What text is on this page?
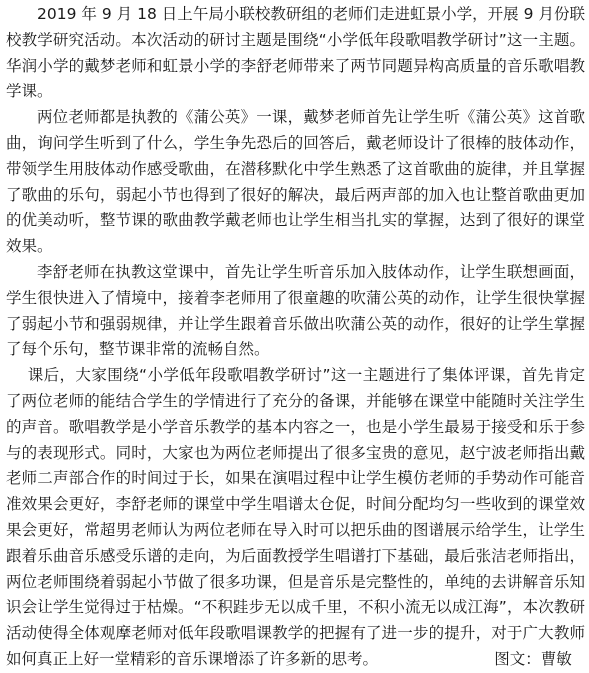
2019 年 9 月 18 日上午局小联校教研组的老师们走进虹景小学，开展 9 月份联校教学研究活动。本次活动的研讨主题是围绕“小学低年段歌唱教学研讨”这一主题。华润小学的戴梦老师和虹景小学的李舒老师带来了两节同题异构高质量的音乐歌唱教学课。

两位老师都是执教的《蒲公英》一课，戴梦老师首先让学生听《蒲公英》这首歌曲，询问学生听到了什么，学生争先恐后的回答后，戴老师设计了很棒的肢体动作，带领学生用肢体动作感受歌曲，在潜移默化中学生熟悉了这首歌曲的旋律，并且掌握了歌曲的乐句，弱起小节也得到了很好的解决，最后两声部的加入也让整首歌曲更加的优美动听，整节课的歌曲教学戴老师也让学生相当扎实的掌握，达到了很好的课堂效果。

李舒老师在执教这堂课中，首先让学生听音乐加入肢体动作，让学生联想画面，学生很快进入了情境中，接着李老师用了很童趣的吹蒲公英的动作，让学生很快掌握了弱起小节和强弱规律，并让学生跟着音乐做出吹蒲公英的动作，很好的让学生掌握了每个乐句，整节课非常的流畅自然。

课后，大家围绕“小学低年段歌唱教学研讨”这一主题进行了集体评课，首先肯定了两位老师的能结合学生的学情进行了充分的备课，并能够在课堂中能随时关注学生的声音。歌唱教学是小学音乐教学的基本内容之一，也是小学生最易于接受和乐于参与的表现形式。同时，大家也为两位老师提出了很多宝贵的意见，赵宁波老师指出戴老师二声部合作的时间过于长，如果在演唱过程中让学生模仿老师的手势动作可能音准效果会更好，李舒老师的课堂中学生唱谱太仓促，时间分配均匀一些收到的课堂效果会更好，常超男老师认为两位老师在导入时可以把乐曲的图谱展示给学生，让学生跟着乐曲音乐感受乐谱的走向，为后面教授学生唱谱打下基础，最后张洁老师指出，两位老师围绕着弱起小节做了很多功课，但是音乐是完整性的，单纯的去讲解音乐知识会让学生觉得过于枯燥。“不积跬步无以成千里，不积小流无以成江海”，本次教研活动使得全体观摩老师对低年段歌唱课教学的把握有了进一步的提升，对于广大教师如何真正上好一堂精彩的音乐课增添了许多新的思考。	图文：曹敏
